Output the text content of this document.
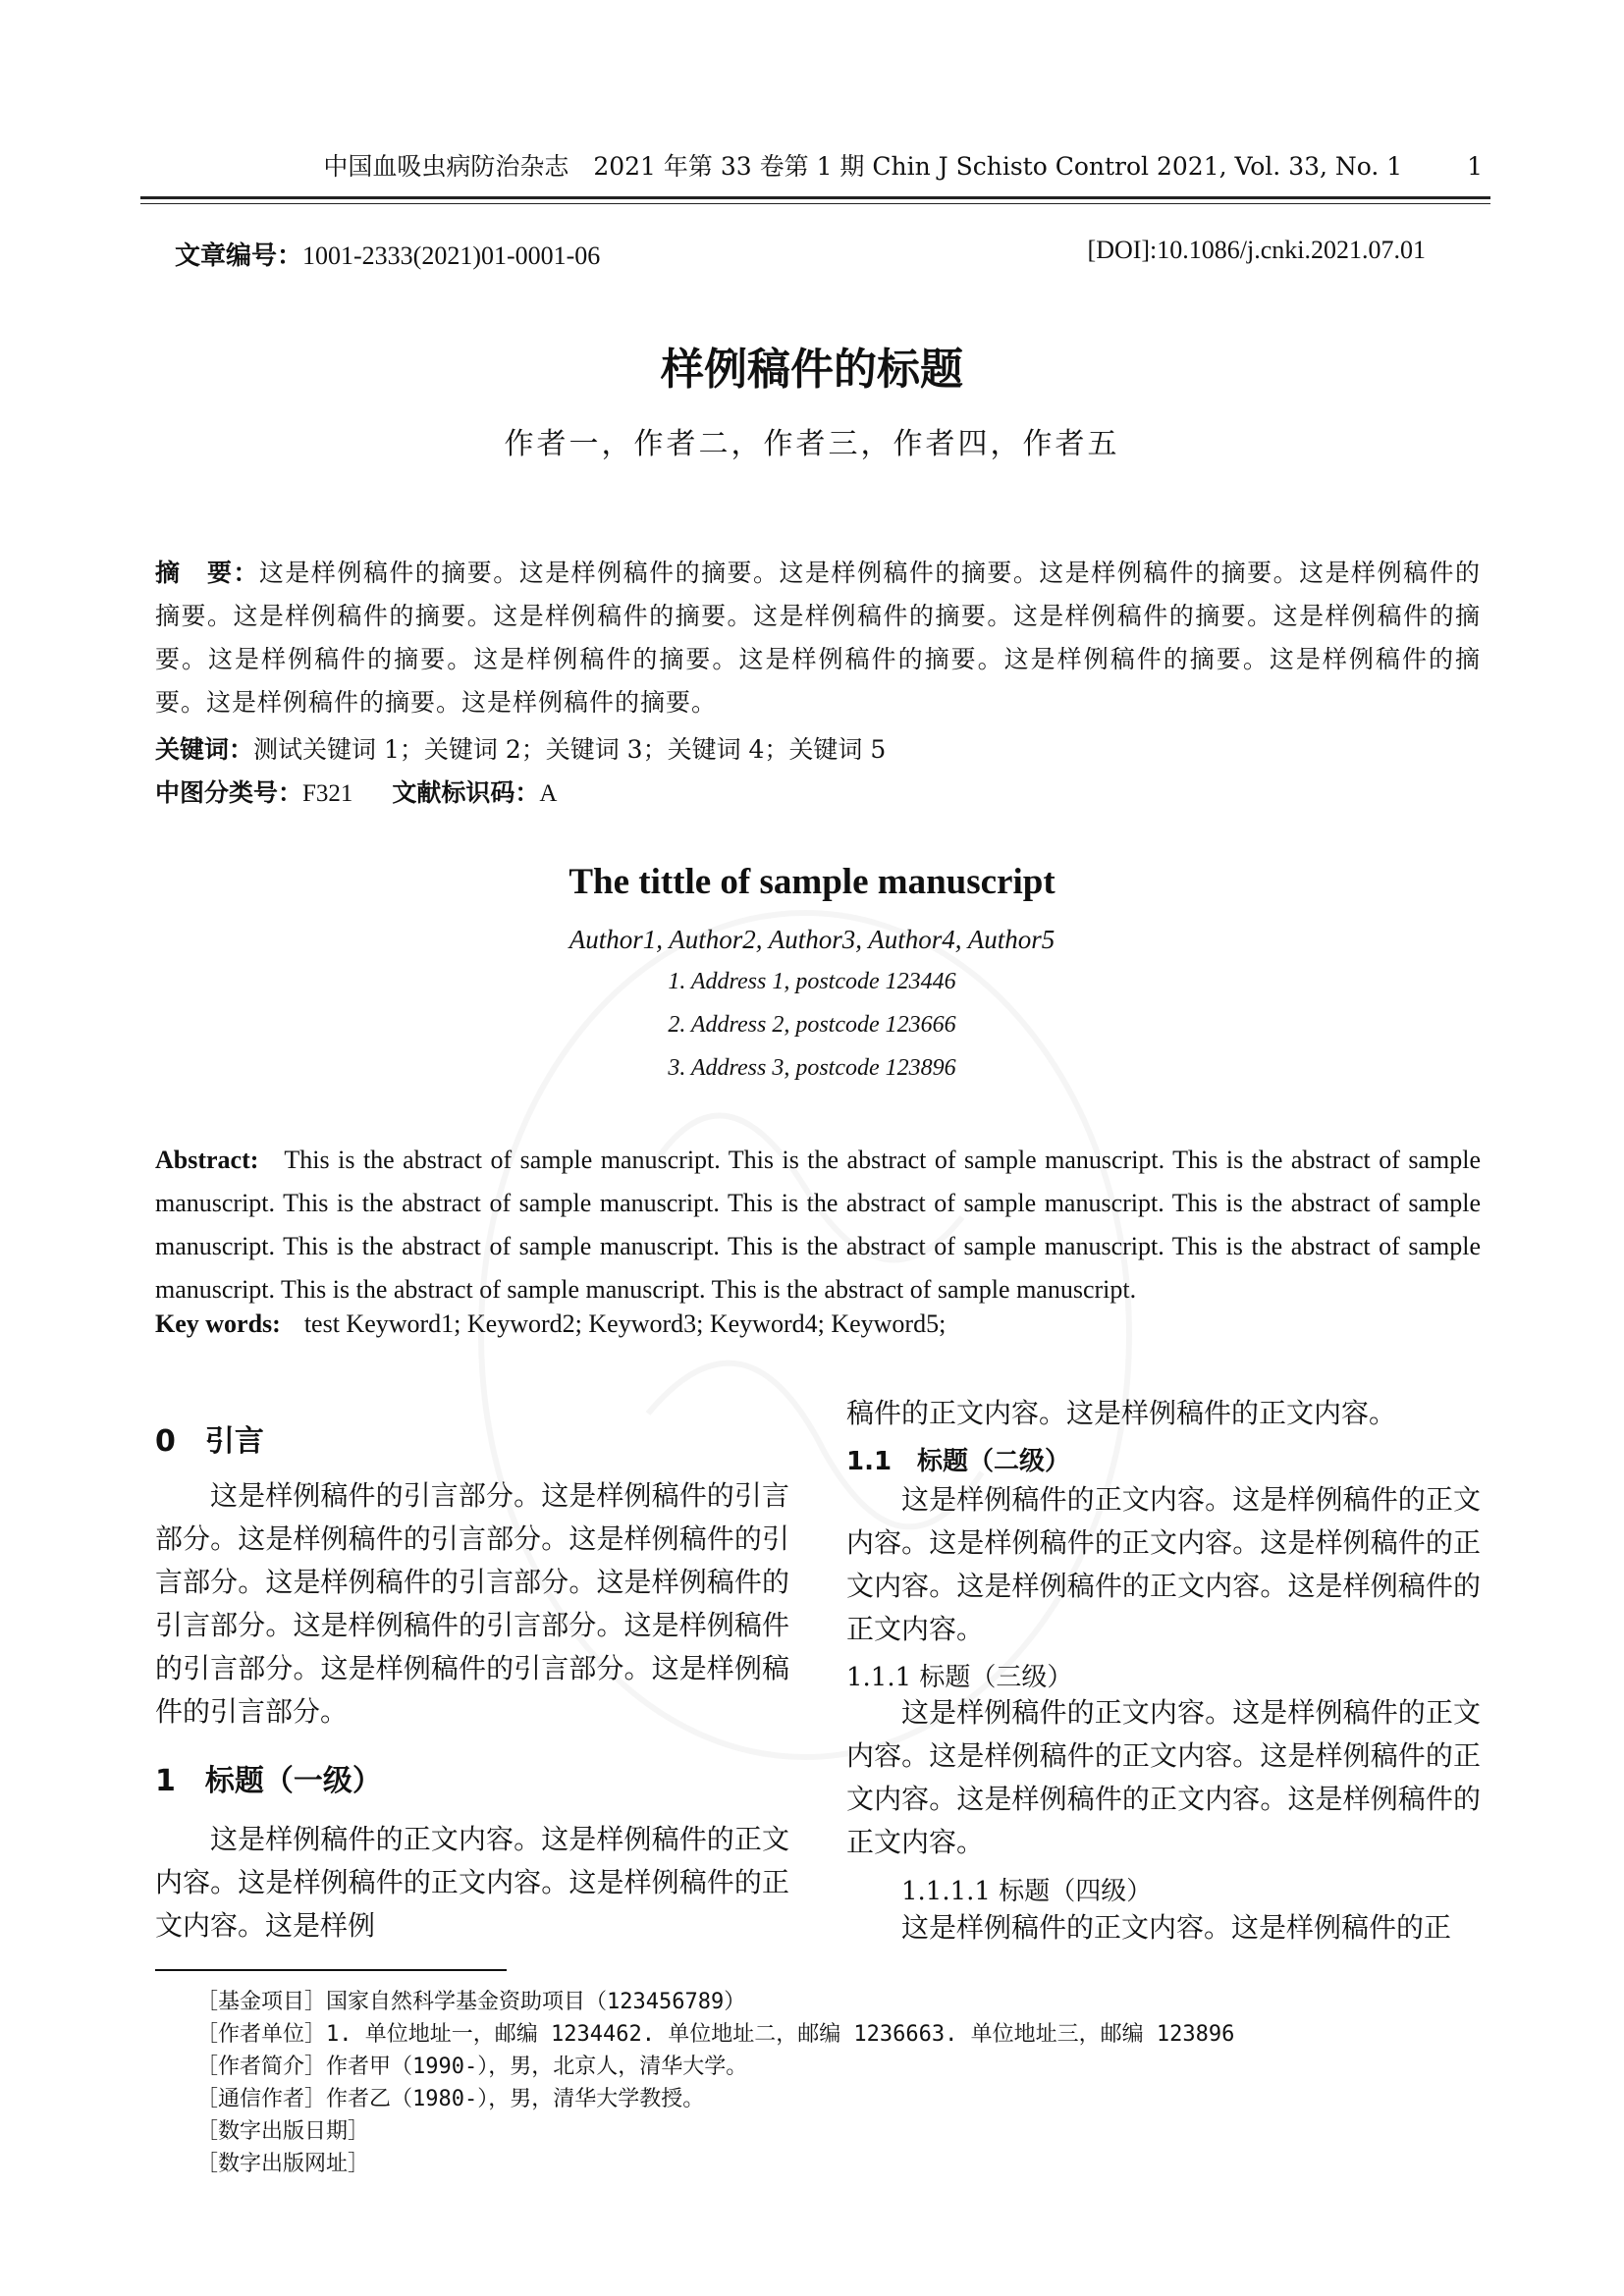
中国血吸虫病防治杂志　2021 年第 33 卷第 1 期 Chin J Schisto Control 2021, Vol. 33, No. 1	1
文章编号：1001-2333(2021)01-0001-06	[DOI]:10.1086/j.cnki.2021.07.01
样例稿件的标题
作者一，作者二，作者三，作者四，作者五
摘　要：这是样例稿件的摘要。这是样例稿件的摘要。这是样例稿件的摘要。这是样例稿件的摘要。这是样例稿件的摘要。这是样例稿件的摘要。这是样例稿件的摘要。这是样例稿件的摘要。这是样例稿件的摘要。这是样例稿件的摘要。这是样例稿件的摘要。这是样例稿件的摘要。这是样例稿件的摘要。这是样例稿件的摘要。这是样例稿件的摘要。这是样例稿件的摘要。这是样例稿件的摘要。
关键词：测试关键词 1；关键词 2；关键词 3；关键词 4；关键词 5
中图分类号：F321 文献标识码：A
The tittle of sample manuscript
Author1, Author2, Author3, Author4, Author5
1. Address 1, postcode 123446
2. Address 2, postcode 123666
3. Address 3, postcode 123896
Abstract: This is the abstract of sample manuscript. This is the abstract of sample manuscript. This is the abstract of sample manuscript. This is the abstract of sample manuscript. This is the abstract of sample manuscript. This is the abstract of sample manuscript. This is the abstract of sample manuscript. This is the abstract of sample manuscript. This is the abstract of sample manuscript. This is the abstract of sample manuscript. This is the abstract of sample manuscript.
Key words: test Keyword1; Keyword2; Keyword3; Keyword4; Keyword5;
0　引言

这是样例稿件的引言部分。这是样例稿件的引言部分。这是样例稿件的引言部分。这是样例稿件的引言部分。这是样例稿件的引言部分。这是样例稿件的引言部分。这是样例稿件的引言部分。这是样例稿件的引言部分。这是样例稿件的引言部分。这是样例稿件的引言部分。

1　标题（一级）

这是样例稿件的正文内容。这是样例稿件的正文内容。这是样例稿件的正文内容。这是样例稿件的正文内容。这是样例

稿件的正文内容。这是样例稿件的正文内容。

1.1　标题（二级）

这是样例稿件的正文内容。这是样例稿件的正文内容。这是样例稿件的正文内容。这是样例稿件的正文内容。这是样例稿件的正文内容。这是样例稿件的正文内容。

1.1.1 标题（三级）

这是样例稿件的正文内容。这是样例稿件的正文内容。这是样例稿件的正文内容。这是样例稿件的正文内容。这是样例稿件的正文内容。这是样例稿件的正文内容。

1.1.1.1 标题（四级）

这是样例稿件的正文内容。这是样例稿件的正

［基金项目］国家自然科学基金资助项目（123456789）
［作者单位］1. 单位地址一，邮编 1234462. 单位地址二，邮编 1236663. 单位地址三，邮编 123896
［作者简介］作者甲（1990-），男，北京人，清华大学。
［通信作者］作者乙（1980-），男，清华大学教授。
［数字出版日期］
［数字出版网址］
